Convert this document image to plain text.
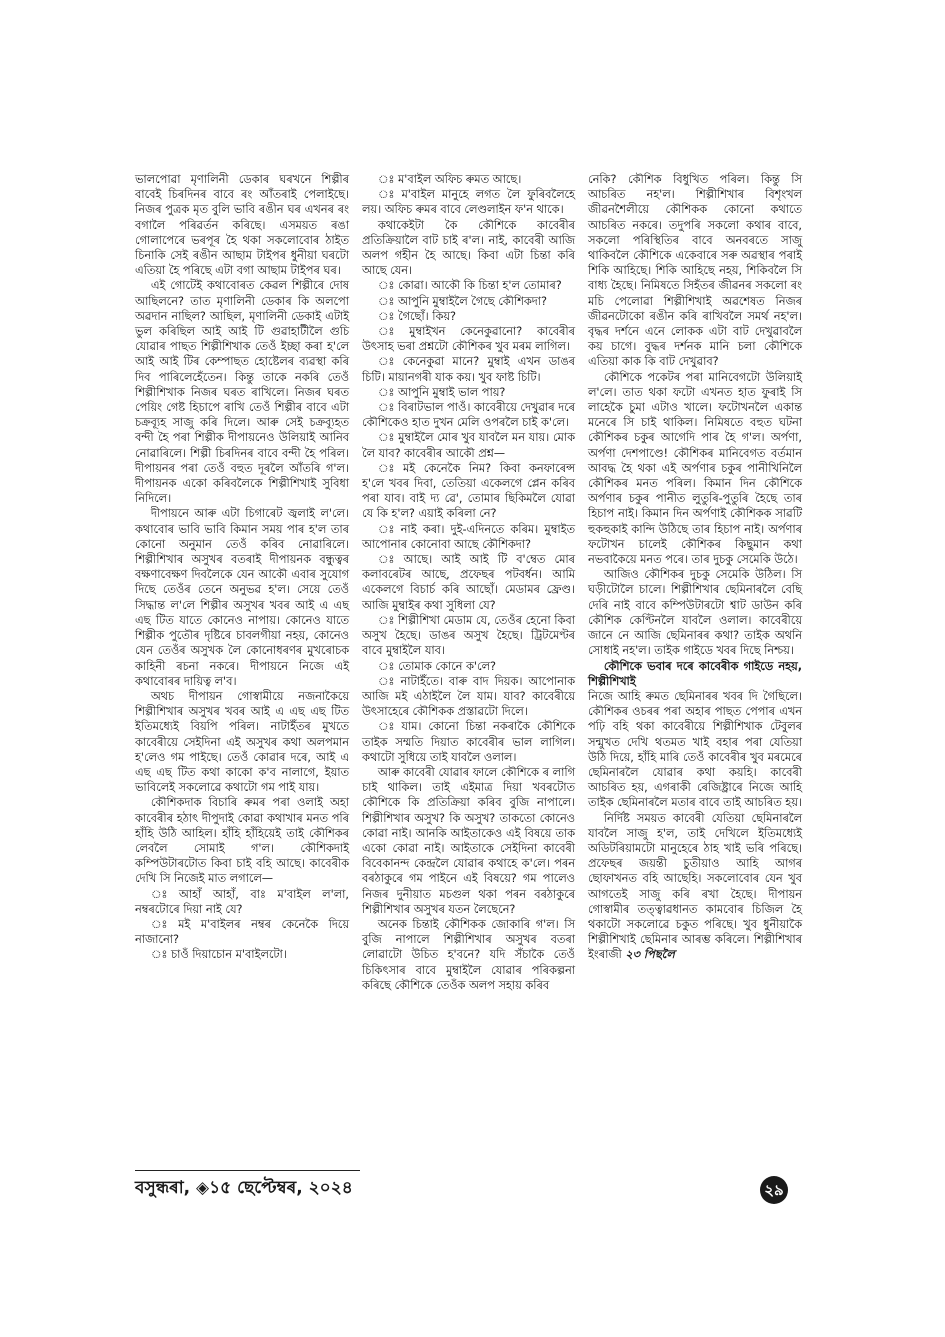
ভালপোৱা মৃণালিনী ডেকাৰ ঘৰখনে শিল্পীৰ বাবেই চিৰদিনৰ বাবে ৰং আঁতৰাই পেলাইছে। নিজৰ পুত্ৰক মৃত বুলি ভাবি ৰঙীন ঘৰ এখনৰ ৰং বগালৈ পৰিৱৰ্তন কৰিছে। এসময়ত ৰঙা গোলাপেৰে ভৰপূৰ হৈ থকা সকলোবোৰ ঠাইত চিনাকি সেই ৰঙীন আছাম টাইপৰ ধুনীয়া ঘৰটো এতিয়া হৈ পৰিছে এটা বগা আছাম টাইপৰ ঘৰ।

এই গোটেই কথাবোৰত কেৱল শিল্পীৰে দোষ আছিলনে? তাত মৃণালিনী ডেকাৰ কি অলপো অৱদান নাছিল? আছিল, মৃণালিনী ডেকাই এটাই ভুল কৰিছিল আই আই টি গুৱাহাটীলৈ গুচি যোৱাৰ পাছত শিল্পীশিখাক তেওঁ ইচ্ছা কৰা হ'লে আই আই টিৰ কেম্পাছত হোষ্টেলৰ ব্যৱস্থা কৰি দিব পাৰিলেহেঁতেন। কিন্তু তাকে নকৰি তেওঁ শিল্পীশিখাক নিজৰ ঘৰত ৰাখিলে। নিজৰ ঘৰত পেয়িং গেষ্ট হিচাপে ৰাখি তেওঁ শিল্পীৰ বাবে এটা চক্ৰব্যূহ সাজু কৰি দিলে। আৰু সেই চক্ৰব্যূহত বন্দী হৈ পৰা শিল্পীক দীপায়নেও উলিয়াই আনিব নোৱাৰিলে। শিল্পী চিৰদিনৰ বাবে বন্দী হৈ পৰিল। দীপায়নৰ পৰা তেওঁ বহুত দূৰলৈ আঁতৰি গ'ল। দীপায়নক একো কৰিবলৈকে শিল্পীশিখাই সুবিধা নিদিলে।

দীপায়নে আৰু এটা চিগাৰেট জ্বলাই ল'লে। কথাবোৰ ভাবি ভাবি কিমান সময় পাৰ হ'ল তাৰ কোনো অনুমান তেওঁ কৰিব নোৱাৰিলে। শিল্পীশিখাৰ অসুখৰ বতৰাই দীপায়নক বন্ধুত্বৰ বক্ষণাবেক্ষণ দিবলৈকে যেন আকৌ এবাৰ সুযোগ দিছে তেওঁৰ তেনে অনুভৱ হ'ল। সেয়ে তেওঁ সিদ্ধান্ত ল'লে শিল্পীৰ অসুখৰ খবৰ আই এ এছ এছ টিত যাতে কোনেও নাপায়। কোনেও যাতে শিল্পীক পুতৌৰ দৃষ্টিৰে চাবলগীয়া নহয়, কোনেও যেন তেওঁৰ অসুখক লৈ কোনোধৰণৰ মুখৰোচক কাহিনী ৰচনা নকৰে। দীপায়নে নিজে এই কথাবোৰৰ দায়িত্ব ল'ব।

অথচ দীপায়ন গোস্বামীয়ে নজনাকৈয়ে শিল্পীশিখাৰ অসুখৰ খবৰ আই এ এছ এছ টিত ইতিমধ্যেই বিয়পি পৰিল। নাটাইঁতৰ মুখতে কাবেৰীয়ে সেইদিনা এই অসুখৰ কথা অলপমান হ'লেও গম পাইছে। তেওঁ কোৱাৰ দৰে, আই এ এছ এছ টিত কথা কাকো ক'ব নালাগে, ইয়াত ভাবিলেই সকলোৱে কথাটো গম পাই যায়।

কৌশিকদাক বিচাৰি ৰুমৰ পৰা ওলাই অহা কাবেৰীৰ হঠাৎ দীপুদাই কোৱা কথাখাৰ মনত পৰি হাঁহি উঠি আহিল। হাঁহি হাঁহিয়েই তাই কৌশিকৰ লেবলৈ সোমাই গ'ল। কৌশিকদাই কম্পিউটাৰটোত কিবা চাই বহি আছে। কাবেৰীক দেখি সি নিজেই মাত লগালে—

ঃ আহাঁ আহাঁ, বাঃ ম'বাইল ল'লা, নম্বৰটোৰে দিয়া নাই যে?

ঃ মই ম'বাইলৰ নম্বৰ কেনেকৈ দিয়ে নাজানো?

ঃ চাওঁ দিয়াচোন ম'বাইলটো।

ঃ ম'বাইল অফিচ ৰুমত আছে।

ঃ ম'বাইল মানুহে লগত লৈ ফুৰিবলৈহে লয়। অফিচ ৰুমৰ বাবে লেণ্ডলাইন ফ'ন থাকে।

কথাকেইটা কৈ কৌশিকে কাবেৰীৰ প্ৰতিক্ৰিয়ালৈ বাট চাই ৰ'ল। নাই, কাবেৰী আজি অলপ গহীন হৈ আছে। কিবা এটা চিন্তা কৰি আছে যেন।

ঃ কোৱা। আকৌ কি চিন্তা হ'ল তোমাৰ?

ঃ আপুনি মুম্বাইলৈ গৈছে কৌশিকদা?

ঃ গৈছোঁ। কিয়?

ঃ মুম্বাইখন কেনেকুৱানো? কাবেৰীৰ উৎসাহ ভৰা প্ৰশ্নটো কৌশিকৰ খুব মৰম লাগিল।

ঃ কেনেকুৱা মানে? মুম্বাই এখন ডাঙৰ চিটি। মায়ানগৰী যাক কয়। খুব ফাষ্ট চিটি।

ঃ আপুনি মুম্বাই ভাল পায়?

ঃ বিৰাটভাল পাওঁ। কাবেৰীয়ে দেখুৱাৰ দৰে কৌশিকেও হাত দুখন মেলি ওপৰলৈ চাই ক'লে।

ঃ মুম্বাইলৈ মোৰ খুব যাবলৈ মন যায়। মোক লৈ যাব? কাবেৰীৰ আকৌ প্ৰশ্ন—

ঃ মই কেনেকৈ নিম? কিবা কনফাৰেন্স হ'লে খবৰ দিবা, তেতিয়া একেলগে প্লেন কৰিব পৰা যাব। বাই দ্য ৱে', তোমাৰ ছিকিমলৈ যোৱা যে কি হ'ল? এয়াই কৰিলা নে?

ঃ নাই কৰা। দুই-এদিনতে কৰিম। মুম্বাইত আপোনাৰ কোনোবা আছে কৌশিকদা?

ঃ আছে। আই আই টি ব'ম্বেত মোৰ কলাবৰেটৰ আছে, প্ৰফেছৰ পটবৰ্ধন। আমি একেলগে বিচাৰ্চ কৰি আছোঁ। মেডামৰ ফ্ৰেণ্ড। আজি মুম্বাইৰ কথা সুধিলা যে?

ঃ শিল্পীশিখা মেডাম যে, তেওঁৰ হেনো কিবা অসুখ হৈছে। ডাঙৰ অসুখ হৈছে। ট্ৰিটমেণ্টৰ বাবে মুম্বাইলৈ যাব।

ঃ তোমাক কোনে ক'লে?

ঃ নাটাইঁতে। বাৰু বাদ দিয়ক। আপোনাক আজি মই এঠাইলৈ লৈ যাম। যাব? কাবেৰীয়ে উৎসাহেৰে কৌশিকক প্ৰস্তাৱটো দিলে।

ঃ যাম। কোনো চিন্তা নকৰাকৈ কৌশিকে তাইক সম্মতি দিয়াত কাবেৰীৰ ভাল লাগিল। কথাটো সুধিয়ে তাই যাবলৈ ওলাল।

আৰু কাবেৰী যোৱাৰ ফালে কৌশিকে ৰ লাগি চাই থাকিল। তাই এইমাত্ৰ দিয়া খবৰটোত কৌশিকে কি প্ৰতিক্ৰিয়া কৰিব বুজি নাপালে। শিল্পীশিখাৰ অসুখ? কি অসুখ? তাকতো কোনেও কোৱা নাই। আনকি আইতাকেও এই বিষয়ে তাক একো কোৱা নাই। আইতাকে সেইদিনা কাবেৰী বিবেকানন্দ কেন্দ্ৰলৈ যোৱাৰ কথাহে ক'লে। পৰন বৰঠাকুৰে গম পাইনে এই বিষয়ে? গম পালেও নিজৰ দুনীয়াত মচগুল থকা পৰন বৰঠাকুৰে শিল্পীশিখাৰ অসুখৰ যতন লৈছেনে?

অনেক চিন্তাই কৌশিকক জোকাৰি গ'ল। সি বুজি নাপালে শিল্পীশিখাৰ অসুখৰ বতৰা লোৱাটো উচিত হ'বনে? যদি সঁচাকৈ তেওঁ চিকিৎসাৰ বাবে মুম্বাইলৈ যোৱাৰ পৰিকল্পনা কৰিছে কৌশিকে তেওঁক অলপ সহায় কৰিব

নেকি? কৌশিক বিধুখিত পৰিল। কিন্তু সি আচৰিত নহ'ল। শিল্পীশিখাৰ বিশৃংখল জীৱনশৈলীয়ে কৌশিকক কোনো কথাতে আচৰিত নকৰে। তদুপৰি সকলো কথাৰ বাবে, সকলো পৰিস্থিতিৰ বাবে অনবৰতে সাজু থাকিবলৈ কৌশিকে একেবাৰে সৰু অৱস্থাৰ পৰাই শিকি আহিছে। শিকি আহিছে নহয়, শিকিবলৈ সি বাধ্য হৈছে। নিমিষতে সিহঁতৰ জীৱনৰ সকলো ৰং মচি পেলোৱা শিল্পীশিখাই অৱশেষত নিজৰ জীৱনটোকো ৰঙীন কৰি ৰাখিবলৈ সমৰ্থ নহ'ল। বৃদ্ধৰ দৰ্শনে এনে লোকক এটা বাট দেখুৱাবলৈ কয় চাগে। বুদ্ধৰ দৰ্শনক মানি চলা কৌশিকে এতিয়া কাক কি বাট দেখুৱাব?

কৌশিকে পকেটৰ পৰা মানিবেগটো উলিয়াই ল'লে। তাত থকা ফটো এখনত হাত ফুৰাই সি লাহেকৈ চুমা এটাও খালে। ফটোখনলৈ একান্ত মনেৰে সি চাই থাকিল। নিমিষতে বহুত ঘটনা কৌশিকৰ চকুৰ আগেদি পাৰ হৈ গ'ল। অৰ্পণা, অৰ্পণা দেশপাণ্ডে! কৌশিকৰ মানিবেগত বৰ্তমান আবদ্ধ হৈ থকা এই অৰ্পণাৰ চকুৰ পানীখিনিলৈ কৌশিকৰ মনত পৰিল। কিমান দিন কৌশিকে অৰ্পণাৰ চকুৰ পানীত লুতুৰি-পুতুৰি হৈছে তাৰ হিচাপ নাই। কিমান দিন অৰ্পণাই কৌশিকক সাৱটি হুকহুকাই কান্দি উঠিছে তাৰ হিচাপ নাই। অৰ্পণাৰ ফটোখন চালেই কৌশিকৰ কিছুমান কথা নভবাকৈয়ে মনত পৰে। তাৰ দুচকু সেমেকি উঠে।

আজিও কৌশিকৰ দুচকু সেমেকি উঠিল। সি ঘড়ীটোলৈ চালে। শিল্পীশিখাৰ ছেমিনাৰলৈ বেছি দেৰি নাই বাবে কম্পিউটাৰটো শ্বাট ডাউন কৰি কৌশিক কেণ্টিনলৈ যাবলৈ ওলাল। কাবেৰীয়ে জানে নে আজি ছেমিনাৰৰ কথা? তাইক অথনি সোধাই নহ'ল। তাইক গাইডে খবৰ দিছে নিশ্চয়।

কৌশিকে ভবাৰ দৰে কাবেৰীক গাইডে নহয়, শিল্পীশিখাই

নিজে আহি ৰুমত ছেমিনাৰৰ খবৰ দি গৈছিলে। কৌশিকৰ ওচৰৰ পৰা অহাৰ পাছত পেপাৰ এখন পঢ়ি বহি থকা কাবেৰীয়ে শিল্পীশিখাক টেবুলৰ সন্মুখত দেখি থতমত খাই বহাৰ পৰা যেতিয়া উঠি দিয়ে, হাঁহি মাৰি তেওঁ কাবেৰীৰ খুব মৰমেৰে ছেমিনাৰলৈ যোৱাৰ কথা কয়হি। কাবেৰী আচৰিত হয়, এগৰাকী ৰেজিষ্ট্ৰাৰে নিজে আহি তাইক ছেমিনাৰলৈ মতাৰ বাবে তাই আচৰিত হয়।

নিৰ্দিষ্ট সময়ত কাবেৰী যেতিয়া ছেমিনাৰলৈ যাবলৈ সাজু হ'ল, তাই দেখিলে ইতিমধ্যেই অডিটৰিয়ামটো মানুহেৰে ঠাহ খাই ভৰি পৰিছে। প্ৰফেছৰ জয়ন্তী চুতীয়াও আহি আগৰ ছোফাখনত বহি আছেহি। সকলোবোৰ যেন খুব আগতেই সাজু কৰি ৰখা হৈছে। দীপায়ন গোস্বামীৰ তত্ত্বাৱধানত কামবোৰ চিজিল হৈ থকাটো সকলোৱে চকুত পৰিছে। খুব ধুনীয়াকৈ শিল্পীশিখাই ছেমিনাৰ আৰম্ভ কৰিলে। শিল্পীশিখাৰ ইংৰাজী ২৩ পিছলৈ

বসুন্ধৰা, ◈১৫ ছেপ্টেম্বৰ, ২০২৪	২৯
